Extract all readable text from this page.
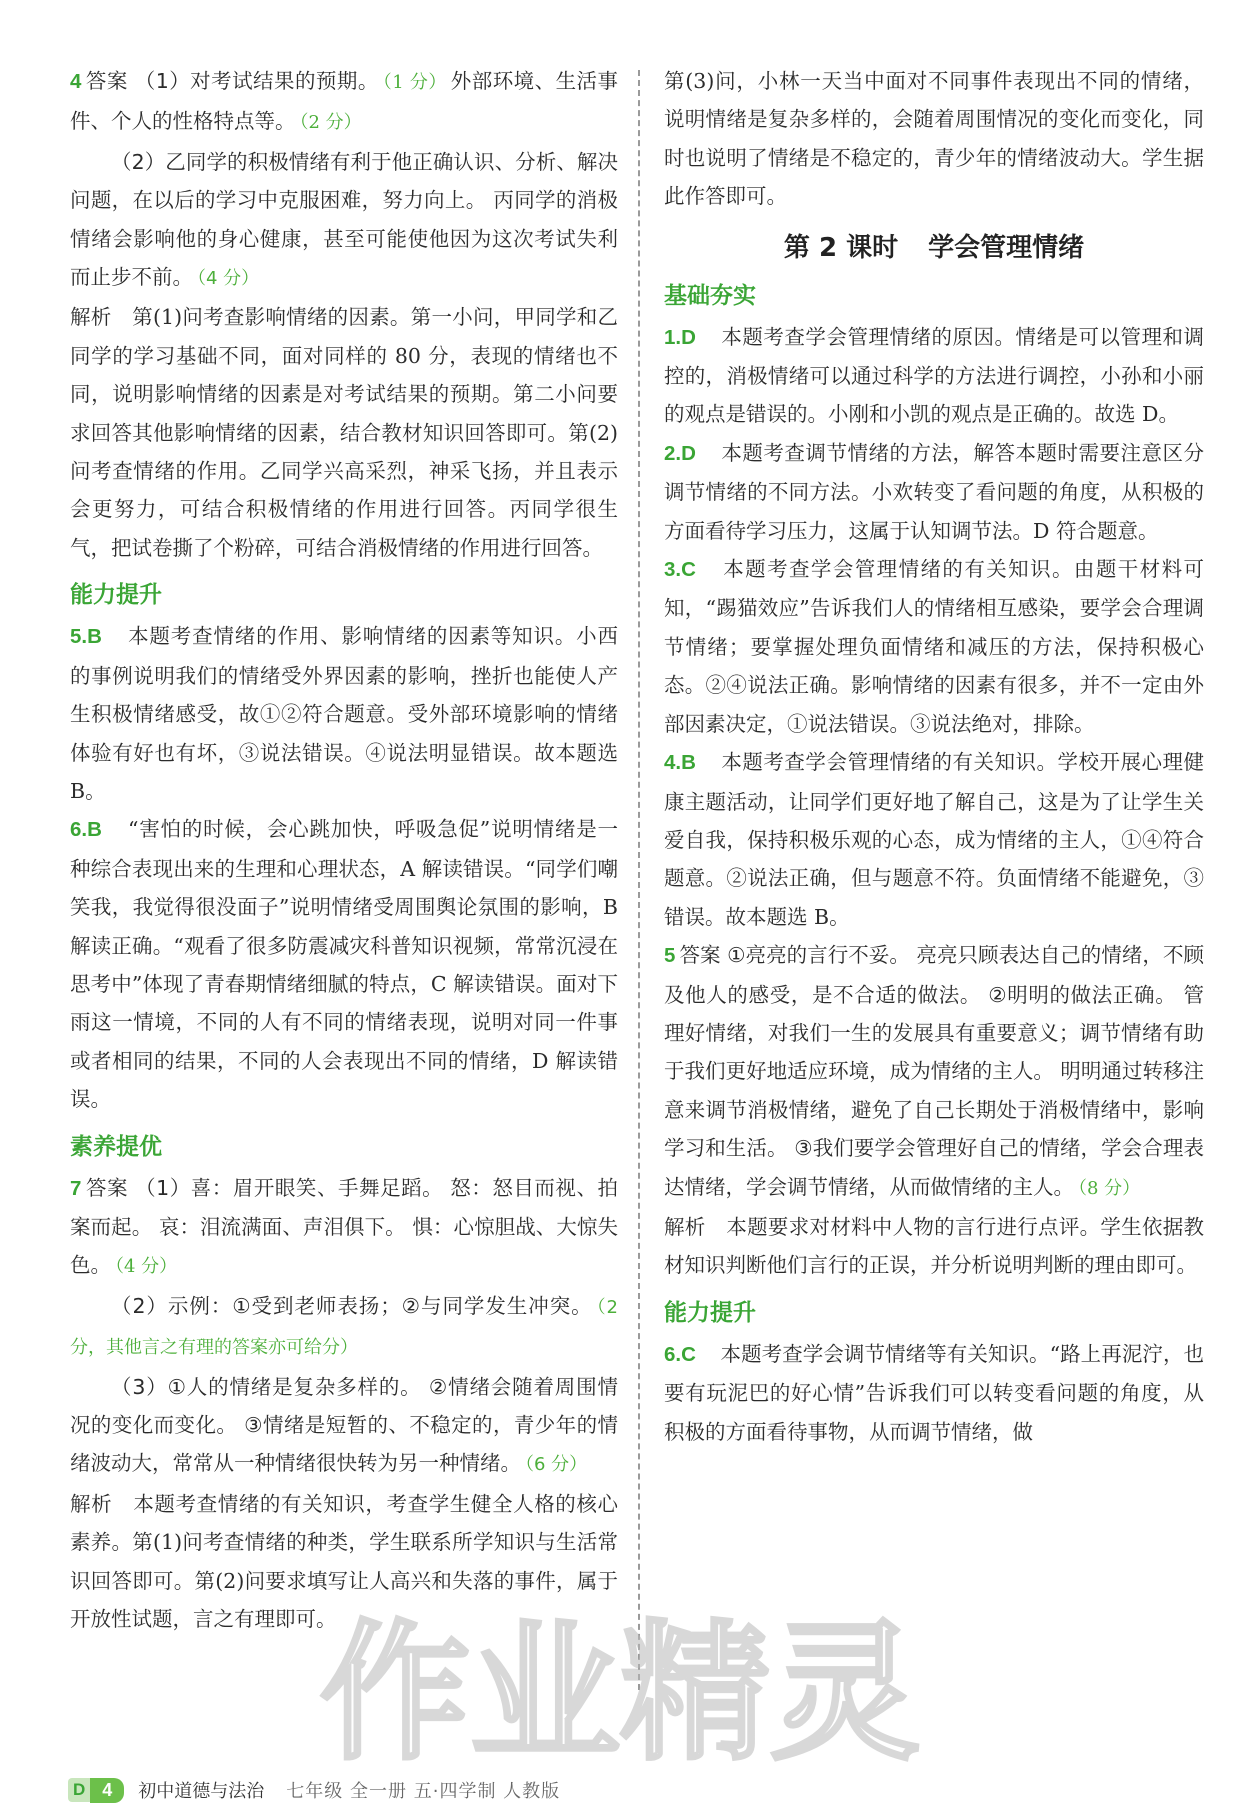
4 答案 （1）对考试结果的预期。 （1 分） 外部环境、生活事件、个人的性格特点等。 （2 分）

（2）乙同学的积极情绪有利于他正确认识、分析、解决问题，在以后的学习中克服困难，努力向上。 丙同学的消极情绪会影响他的身心健康，甚至可能使他因为这次考试失利而止步不前。 （4 分）

解析　 第(1)问考查影响情绪的因素。第一小问，甲同学和乙同学的学习基础不同，面对同样的 80 分，表现的情绪也不同，说明影响情绪的因素是对考试结果的预期。第二小问要求回答其他影响情绪的因素，结合教材知识回答即可。第(2)问考查情绪的作用。乙同学兴高采烈，神采飞扬，并且表示会更努力，可结合积极情绪的作用进行回答。丙同学很生气，把试卷撕了个粉碎，可结合消极情绪的作用进行回答。

能力提升

5.B　 本题考查情绪的作用、影响情绪的因素等知识。小西的事例说明我们的情绪受外界因素的影响，挫折也能使人产生积极情绪感受，故①②符合题意。受外部环境影响的情绪体验有好也有坏，③说法错误。④说法明显错误。故本题选 B。

6.B　 “害怕的时候，会心跳加快，呼吸急促”说明情绪是一种综合表现出来的生理和心理状态，A 解读错误。“同学们嘲笑我，我觉得很没面子”说明情绪受周围舆论氛围的影响，B 解读正确。“观看了很多防震减灾科普知识视频，常常沉浸在思考中”体现了青春期情绪细腻的特点，C 解读错误。面对下雨这一情境，不同的人有不同的情绪表现，说明对同一件事或者相同的结果，不同的人会表现出不同的情绪，D 解读错误。

素养提优

7 答案 （1）喜：眉开眼笑、手舞足蹈。 怒：怒目而视、拍案而起。 哀：泪流满面、声泪俱下。 惧：心惊胆战、大惊失色。 （4 分）

（2）示例：①受到老师表扬；②与同学发生冲突。 （2 分，其他言之有理的答案亦可给分）

（3）①人的情绪是复杂多样的。 ②情绪会随着周围情况的变化而变化。 ③情绪是短暂的、不稳定的，青少年的情绪波动大，常常从一种情绪很快转为另一种情绪。 （6 分）

解析　 本题考查情绪的有关知识，考查学生健全人格的核心素养。第(1)问考查情绪的种类，学生联系所学知识与生活常识回答即可。第(2)问要求填写让人高兴和失落的事件，属于开放性试题，言之有理即可。

第(3)问，小林一天当中面对不同事件表现出不同的情绪，说明情绪是复杂多样的，会随着周围情况的变化而变化，同时也说明了情绪是不稳定的，青少年的情绪波动大。学生据此作答即可。

第 2 课时 学会管理情绪
基础夯实

1.D　 本题考查学会管理情绪的原因。情绪是可以管理和调控的，消极情绪可以通过科学的方法进行调控，小孙和小丽的观点是错误的。小刚和小凯的观点是正确的。故选 D。

2.D　 本题考查调节情绪的方法，解答本题时需要注意区分调节情绪的不同方法。小欢转变了看问题的角度，从积极的方面看待学习压力，这属于认知调节法。D 符合题意。

3.C　 本题考查学会管理情绪的有关知识。由题干材料可知，“踢猫效应”告诉我们人的情绪相互感染，要学会合理调节情绪；要掌握处理负面情绪和减压的方法，保持积极心态。②④说法正确。影响情绪的因素有很多，并不一定由外部因素决定，①说法错误。③说法绝对，排除。

4.B　 本题考查学会管理情绪的有关知识。学校开展心理健康主题活动，让同学们更好地了解自己，这是为了让学生关爱自我，保持积极乐观的心态，成为情绪的主人，①④符合题意。②说法正确，但与题意不符。负面情绪不能避免，③错误。故本题选 B。

5 答案 ①亮亮的言行不妥。 亮亮只顾表达自己的情绪，不顾及他人的感受，是不合适的做法。 ②明明的做法正确。 管理好情绪，对我们一生的发展具有重要意义；调节情绪有助于我们更好地适应环境，成为情绪的主人。 明明通过转移注意来调节消极情绪，避免了自己长期处于消极情绪中，影响学习和生活。 ③我们要学会管理好自己的情绪，学会合理表达情绪，学会调节情绪，从而做情绪的主人。 （8 分）

解析　 本题要求对材料中人物的言行进行点评。学生依据教材知识判断他们言行的正误，并分析说明判断的理由即可。

能力提升

6.C　 本题考查学会调节情绪等有关知识。“路上再泥泞，也要有玩泥巴的好心情”告诉我们可以转变看问题的角度，从积极的方面看待事物，从而调节情绪，做

作业精灵
D 4	初中道德与法治 七年级 全一册 五·四学制 人教版
